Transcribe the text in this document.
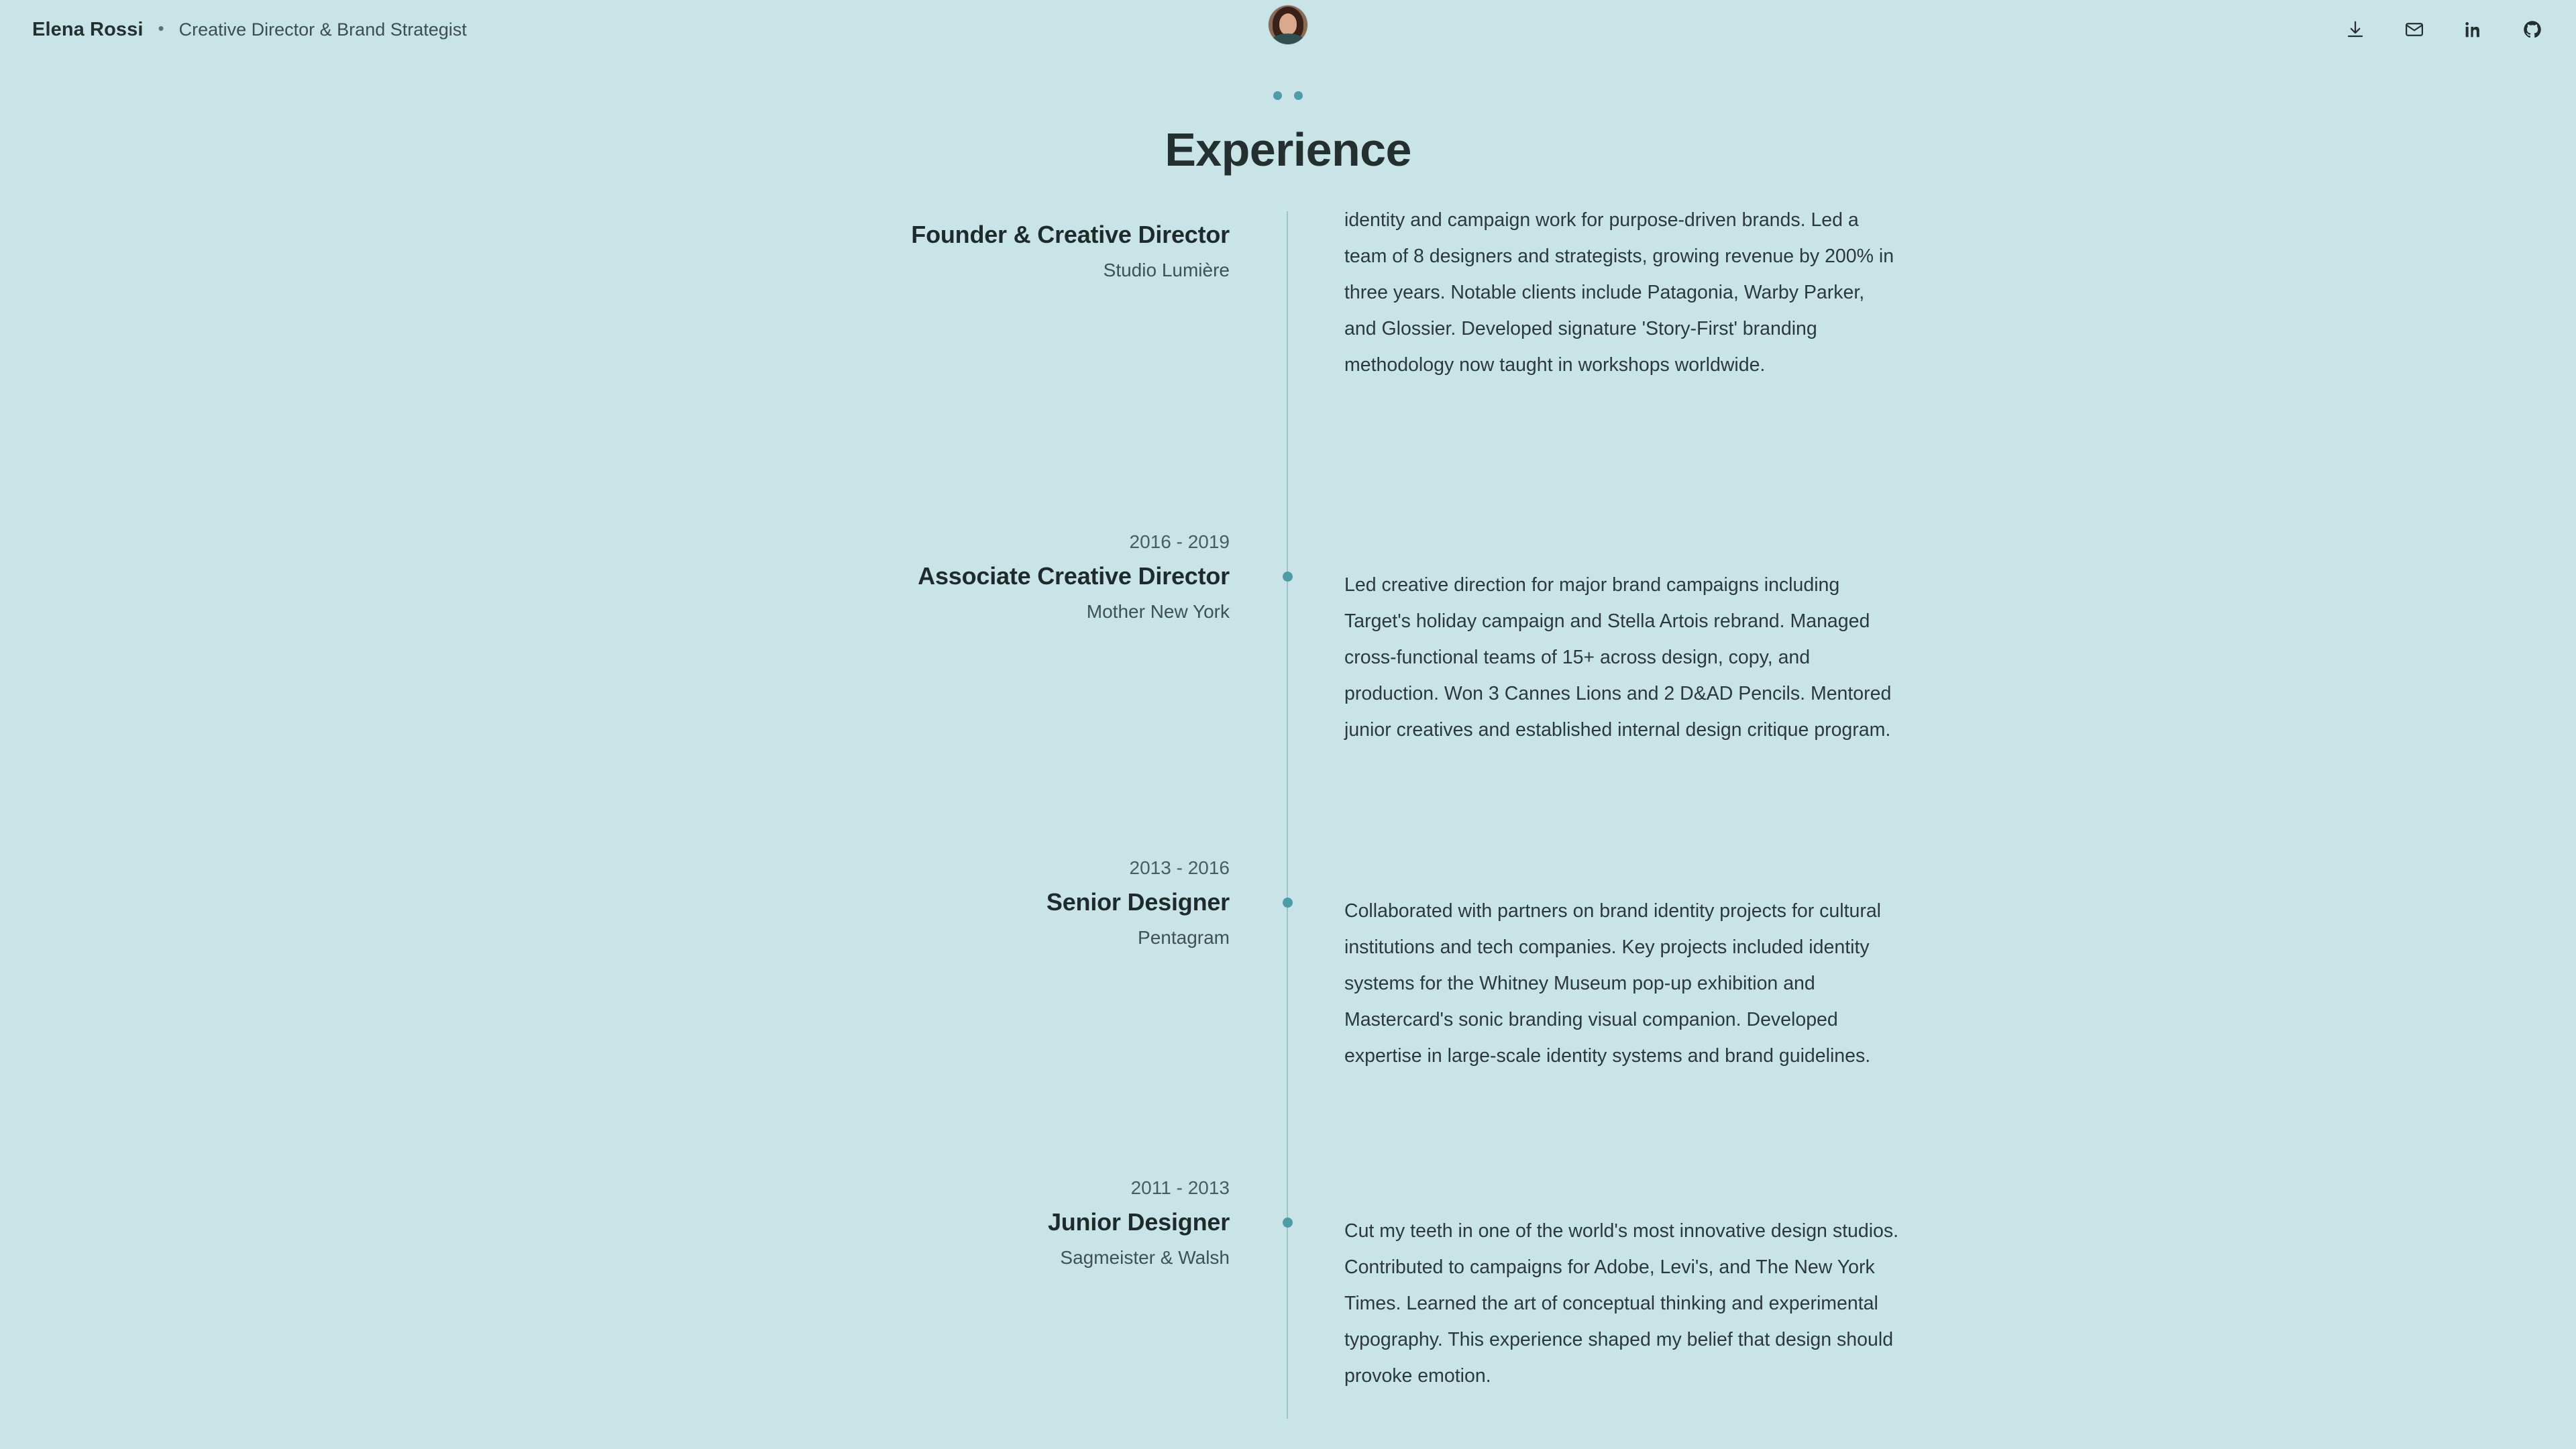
Elena Rossi • Creative Director & Brand Strategist
Experience
Founder & Creative Director
Studio Lumière
identity and campaign work for purpose-driven brands. Led a team of 8 designers and strategists, growing revenue by 200% in three years. Notable clients include Patagonia, Warby Parker, and Glossier. Developed signature 'Story-First' branding methodology now taught in workshops worldwide.
2016 - 2019
Associate Creative Director
Mother New York
Led creative direction for major brand campaigns including Target's holiday campaign and Stella Artois rebrand. Managed cross-functional teams of 15+ across design, copy, and production. Won 3 Cannes Lions and 2 D&AD Pencils. Mentored junior creatives and established internal design critique program.
2013 - 2016
Senior Designer
Pentagram
Collaborated with partners on brand identity projects for cultural institutions and tech companies. Key projects included identity systems for the Whitney Museum pop-up exhibition and Mastercard's sonic branding visual companion. Developed expertise in large-scale identity systems and brand guidelines.
2011 - 2013
Junior Designer
Sagmeister & Walsh
Cut my teeth in one of the world's most innovative design studios. Contributed to campaigns for Adobe, Levi's, and The New York Times. Learned the art of conceptual thinking and experimental typography. This experience shaped my belief that design should provoke emotion.
